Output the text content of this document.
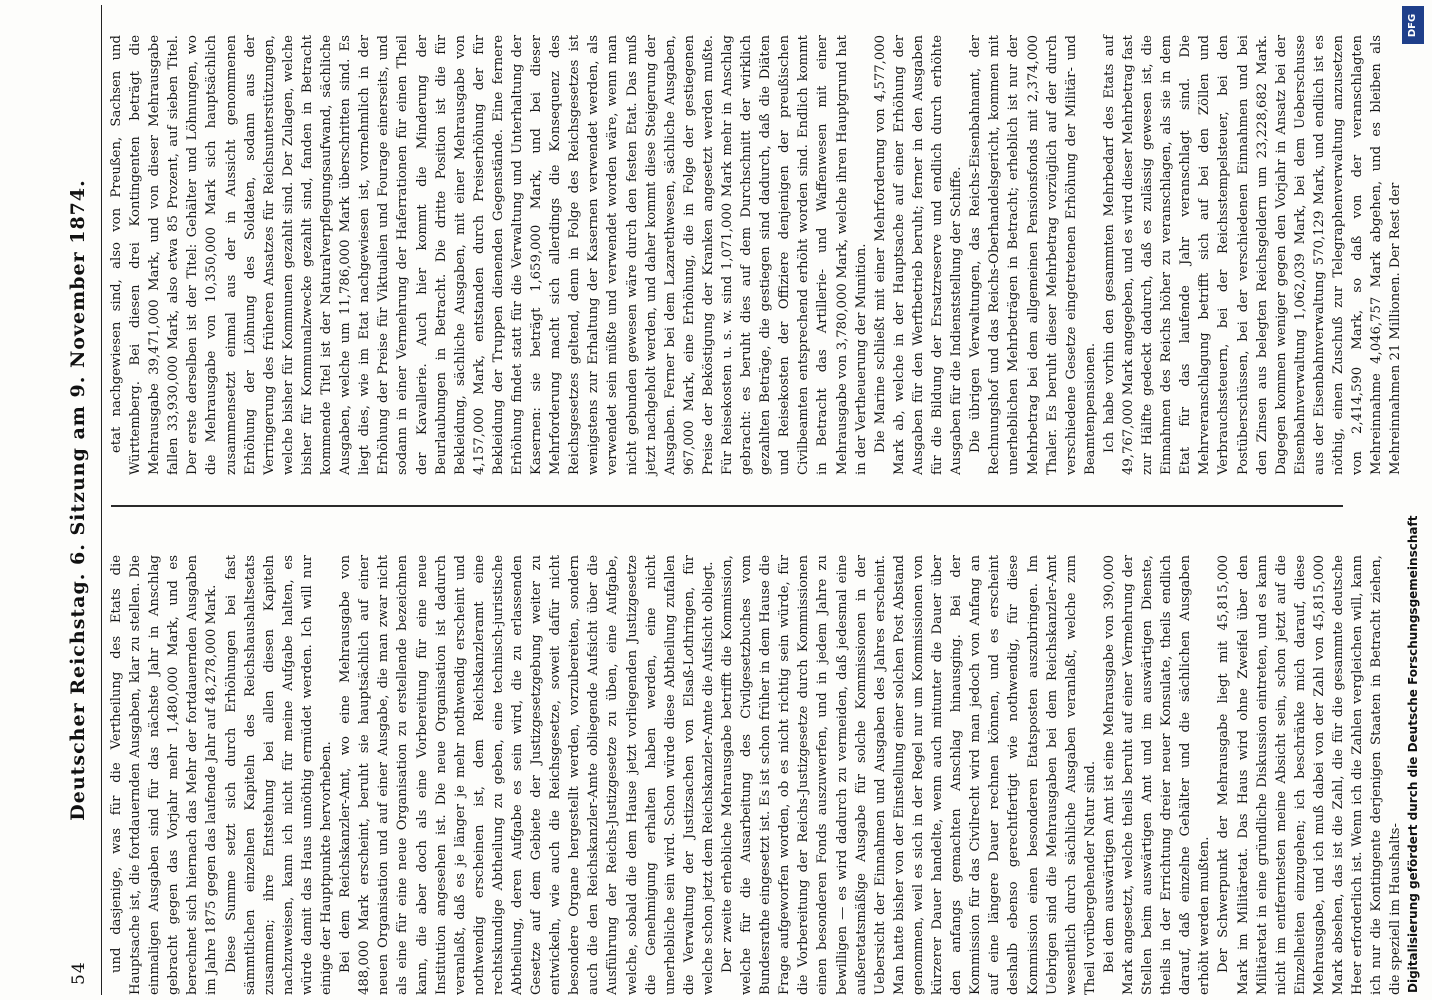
54
Deutscher Reichstag. 6. Sitzung am 9. November 1874. und dasjenige, was für die Vertheilung des Etats die Hauptsache ist, die fortdauernden Ausgaben, klar zu stellen. Die einmaligen Ausgaben sind für das nächste Jahr in Anschlag gebracht gegen das Vorjahr mehr 1,480,000 Mark, und es berechnet sich hiernach das Mehr der fortdauernden Ausgaben im Jahre 1875 gegen das laufende Jahr auf 48,278,000 Mark. Diese Summe setzt sich durch Erhöhungen bei fast sämmtlichen einzelnen Kapiteln des Reichshaushaltsetats zusammen; ihre Entstehung bei allen diesen Kapiteln nachzuweisen, kann ich nicht für meine Aufgabe halten, es würde damit das Haus unnöthig ermüdet werden. Ich will nur einige der Hauptpunkte hervorheben. Bei dem Reichskanzler-Amt, wo eine Mehrausgabe von 488,000 Mark erscheint, beruht sie hauptsächlich auf einer neuen Organisation und auf einer Ausgabe, die man zwar nicht als eine für eine neue Organisation zu erstellende bezeichnen kann, die aber doch als eine Vorbereitung für eine neue Institution angesehen ist. Die neue Organisation ist dadurch veranlaßt, daß es je länger je mehr nothwendig erscheint und nothwendig erscheinen ist, dem Reichskanzleramt eine rechtskundige Abtheilung zu geben, eine technisch-juristische Abtheilung, deren Aufgabe es sein wird, die zu erlassenden Gesetze auf dem Gebiete der Justizgesetzgebung weiter zu entwickeln, wie auch die Reichsgesetze, soweit dafür nicht besondere Organe hergestellt werden, vorzubereiten, sondern auch die den Reichskanzler-Amte obliegende Aufsicht über die Ausführung der Reichs-Justizgesetze zu üben, eine Aufgabe, welche, sobald die dem Hause jetzt vorliegenden Justizgesetze die Genehmigung erhalten haben werden, eine nicht unerhebliche sein wird. Schon würde diese Abtheilung zufallen die Verwaltung der Justizsachen von Elsaß-Lothringen, für welche schon jetzt dem Reichskanzler-Amte die Aufsicht obliegt. Der zweite erhebliche Mehrausgabe betrifft die Kommission, welche für die Ausarbeitung des Civilgesetzbuches vom Bundesrathe eingesetzt ist. Es ist schon früher in dem Hause die Frage aufgeworfen worden, ob es nicht richtig sein würde, für die Vorbereitung der Reichs-Justizgesetze durch Kommissionen einen besonderen Fonds auszuwerfen, und in jedem Jahre zu bewilligen — es wird dadurch zu vermeiden, daß jedesmal eine außeretatsmäßige Ausgabe für solche Kommissionen in der Uebersicht der Einnahmen und Ausgaben des Jahres erscheint. Man hatte bisher von der Einstellung einer solchen Post Abstand genommen, weil es sich in der Regel nur um Kommissionen von kürzerer Dauer handelte, wenn auch mitunter die Dauer über den anfangs gemachten Anschlag hinausging. Bei der Kommission für das Civilrecht wird man jedoch von Anfang an auf eine längere Dauer rechnen können, und es erscheint deshalb ebenso gerechtfertigt wie nothwendig, für diese Kommission einen besonderen Etatsposten auszubringen. Im Uebrigen sind die Mehrausgaben bei dem Reichskanzler-Amt wesentlich durch sächliche Ausgaben veranlaßt, welche zum Theil vorübergehender Natur sind. Bei dem auswärtigen Amt ist eine Mehrausgabe von 390,000 Mark angesetzt, welche theils beruht auf einer Vermehrung der Stellen beim auswärtigen Amt und im auswärtigen Dienste, theils in der Errichtung dreier neuer Konsulate, theils endlich darauf, daß einzelne Gehälter und die sächlichen Ausgaben erhöht werden mußten. Der Schwerpunkt der Mehrausgabe liegt mit 45,815,000 Mark im Militäretat. Das Haus wird ohne Zweifel über den Militäretat in eine gründliche Diskussion eintreten, und es kann nicht im entferntesten meine Absicht sein, schon jetzt auf die Einzelheiten einzugehen; ich beschränke mich darauf, diese Mehrausgabe, und ich muß dabei von der Zahl von 45,815,000 Mark absehen, das ist die Zahl, die für die gesammte deutsche Heer erforderlich ist. Wenn ich die Zahlen vergleichen will, kann ich nur die Kontingente derjenigen Staaten in Betracht ziehen, die speziell im Haushalts-

etat nachgewiesen sind, also von Preußen, Sachsen und Württemberg. Bei diesen drei Kontingenten beträgt die Mehrausgabe 39,471,000 Mark, und von dieser Mehrausgabe fallen 33,930,000 Mark, also etwa 85 Prozent, auf sieben Titel. Der erste derselben ist der Titel: Gehälter und Löhnungen, wo die Mehrausgabe von 10,350,000 Mark sich hauptsächlich zusammensetzt einmal aus der in Aussicht genommenen Erhöhung der Löhnung des Soldaten, sodann aus der Verringerung des früheren Ansatzes für Reichsunterstützungen, welche bisher für Kommunen gezahlt sind. Der Zulagen, welche bisher für Kommunalzwecke gezahlt sind, fanden in Betracht kommende Titel ist der Naturalverpflegungsaufwand, sächliche Ausgaben, welche um 11,786,000 Mark überschritten sind. Es liegt dies, wie im Etat nachgewiesen ist, vornehmlich in der Erhöhung der Preise für Viktualien und Fourage einerseits, und sodann in einer Vermehrung der Haferrationen für einen Theil der Kavallerie. Auch hier kommt die Minderung der Beurlaubungen in Betracht. Die dritte Position ist die für Bekleidung, sächliche Ausgaben, mit einer Mehrausgabe von 4,157,000 Mark, entstanden durch Preiserhöhung der für Bekleidung der Truppen dienenden Gegenstände. Eine fernere Erhöhung findet statt für die Verwaltung und Unterhaltung der Kasernen: sie beträgt 1,659,000 Mark, und bei dieser Mehrforderung macht sich allerdings die Konsequenz des Reichsgesetzes geltend, denn in Folge des Reichsgesetzes ist wenigstens zur Erhaltung der Kasernen verwendet werden, als verwendet sein müßte und verwendet worden wäre, wenn man nicht gebunden gewesen wäre durch den festen Etat. Das muß jetzt nachgeholt werden, und daher kommt diese Steigerung der Ausgaben. Ferner bei dem Lazarethwesen, sächliche Ausgaben, 967,000 Mark, eine Erhöhung, die in Folge der gestiegenen Preise der Beköstigung der Kranken angesetzt werden mußte. Für Reisekosten u. s. w. sind 1,071,000 Mark mehr in Anschlag gebracht: es beruht dies auf dem Durchschnitt der wirklich gezahlten Beträge, die gestiegen sind dadurch, daß die Diäten und Reisekosten der Offiziere denjenigen der preußischen Civilbeamten entsprechend erhöht worden sind. Endlich kommt in Betracht das Artillerie- und Waffenwesen mit einer Mehrausgabe von 3,780,000 Mark, welche ihren Hauptgrund hat in der Vertheuerung der Munition. Die Marine schließt mit einer Mehrforderung von 4,577,000 Mark ab, welche in der Hauptsache auf einer Erhöhung der Ausgaben für den Werftbetrieb beruht; ferner in den Ausgaben für die Bildung der Ersatzreserve und endlich durch erhöhte Ausgaben für die Indienststellung der Schiffe. Die übrigen Verwaltungen, das Reichs-Eisenbahnamt, der Rechnungshof und das Reichs-Oberhandelsgericht, kommen mit unerheblichen Mehrbeträgen in Betracht; erheblich ist nur der Mehrbetrag bei dem allgemeinen Pensionsfonds mit 2,374,000 Thaler. Es beruht dieser Mehrbetrag vorzüglich auf der durch verschiedene Gesetze eingetretenen Erhöhung der Militär- und Beamtenpensionen. Ich habe vorhin den gesammten Mehrbedarf des Etats auf 49,767,000 Mark angegeben, und es wird dieser Mehrbetrag fast zur Hälfte gedeckt dadurch, daß es zulässig gewesen ist, die Einnahmen des Reichs höher zu veranschlagen, als sie in dem Etat für das laufende Jahr veranschlagt sind. Die Mehrveranschlagung betrifft sich auf bei den Zöllen und Verbrauchssteuern, bei der Reichsstempelsteuer, bei den Postüberschüssen, bei der verschiedenen Einnahmen und bei den Zinsen aus belegten Reichsgeldern um 23,228,682 Mark. Dagegen kommen weniger gegen den Vorjahr in Ansatz bei der Eisenbahnverwaltung 1,062,039 Mark, bei dem Ueberschusse aus der Eisenbahnverwaltung 570,129 Mark, und endlich ist es nöthig, einen Zuschuß zur Telegraphenverwaltung anzusetzen von 2,414,590 Mark, so daß von der veranschlagten Mehreinnahme 4,046,757 Mark abgehen, und es bleiben als Mehreinnahmen 21 Millionen. Der Rest der

Digitalisierung gefördert durch die Deutsche Forschungsgemeinschaft
DFG
